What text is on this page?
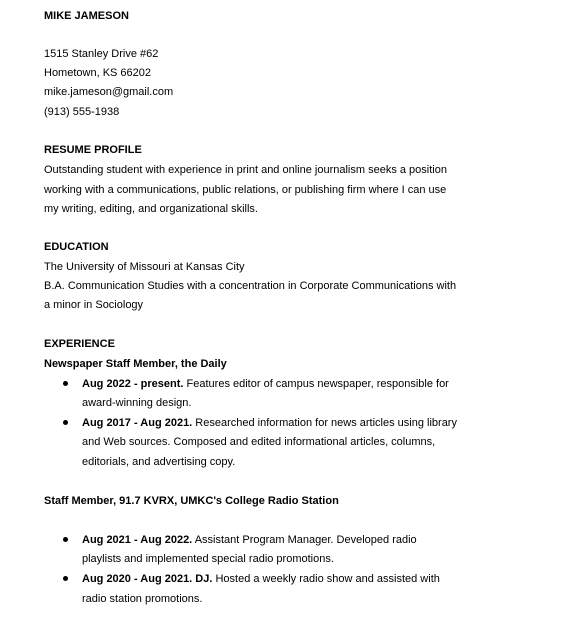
MIKE JAMESON
1515 Stanley Drive #62
Hometown, KS 66202
mike.jameson@gmail.com
(913) 555-1938
RESUME PROFILE
Outstanding student with experience in print and online journalism seeks a position
working with a communications, public relations, or publishing firm where I can use
my writing, editing, and organizational skills.
EDUCATION
The University of Missouri at Kansas City
B.A. Communication Studies with a concentration in Corporate Communications with
a minor in Sociology
EXPERIENCE
Newspaper Staff Member, the Daily
Aug 2022 - present. Features editor of campus newspaper, responsible for
award-winning design.
Aug 2017 - Aug 2021. Researched information for news articles using library
and Web sources. Composed and edited informational articles, columns,
editorials, and advertising copy.
Staff Member, 91.7 KVRX, UMKC's College Radio Station
Aug 2021 - Aug 2022. Assistant Program Manager. Developed radio
playlists and implemented special radio promotions.
Aug 2020 - Aug 2021. DJ. Hosted a weekly radio show and assisted with
radio station promotions.
